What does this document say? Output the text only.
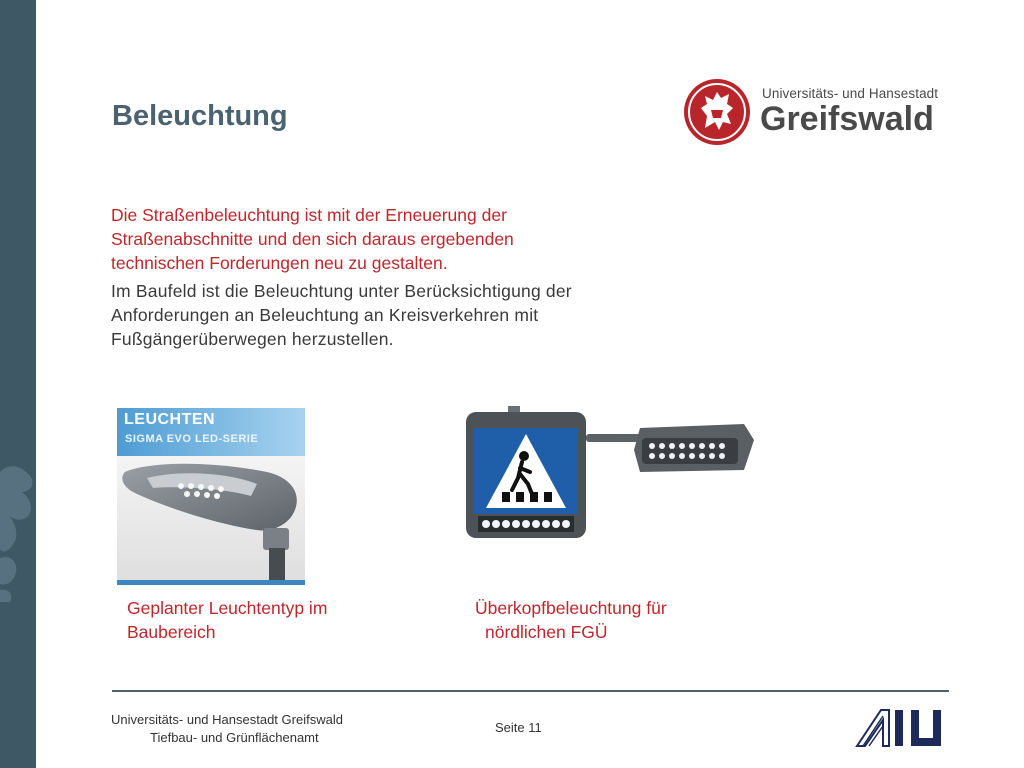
Beleuchtung
Universitäts- und Hansestadt
Greifswald
Die Straßenbeleuchtung ist mit der Erneuerung der
Straßenabschnitte und den sich daraus ergebenden
technischen Forderungen neu zu gestalten.
Im Baufeld ist die Beleuchtung unter Berücksichtigung der
Anforderungen an Beleuchtung an Kreisverkehren mit
Fußgängerüberwegen herzustellen.
LEUCHTEN
SIGMA EVO LED-SERIE
Geplanter Leuchtentyp im
Baubereich
Überkopfbeleuchtung für
nördlichen FGÜ
Universitäts- und Hansestadt Greifswald
Tiefbau- und Grünflächenamt
Seite 11
